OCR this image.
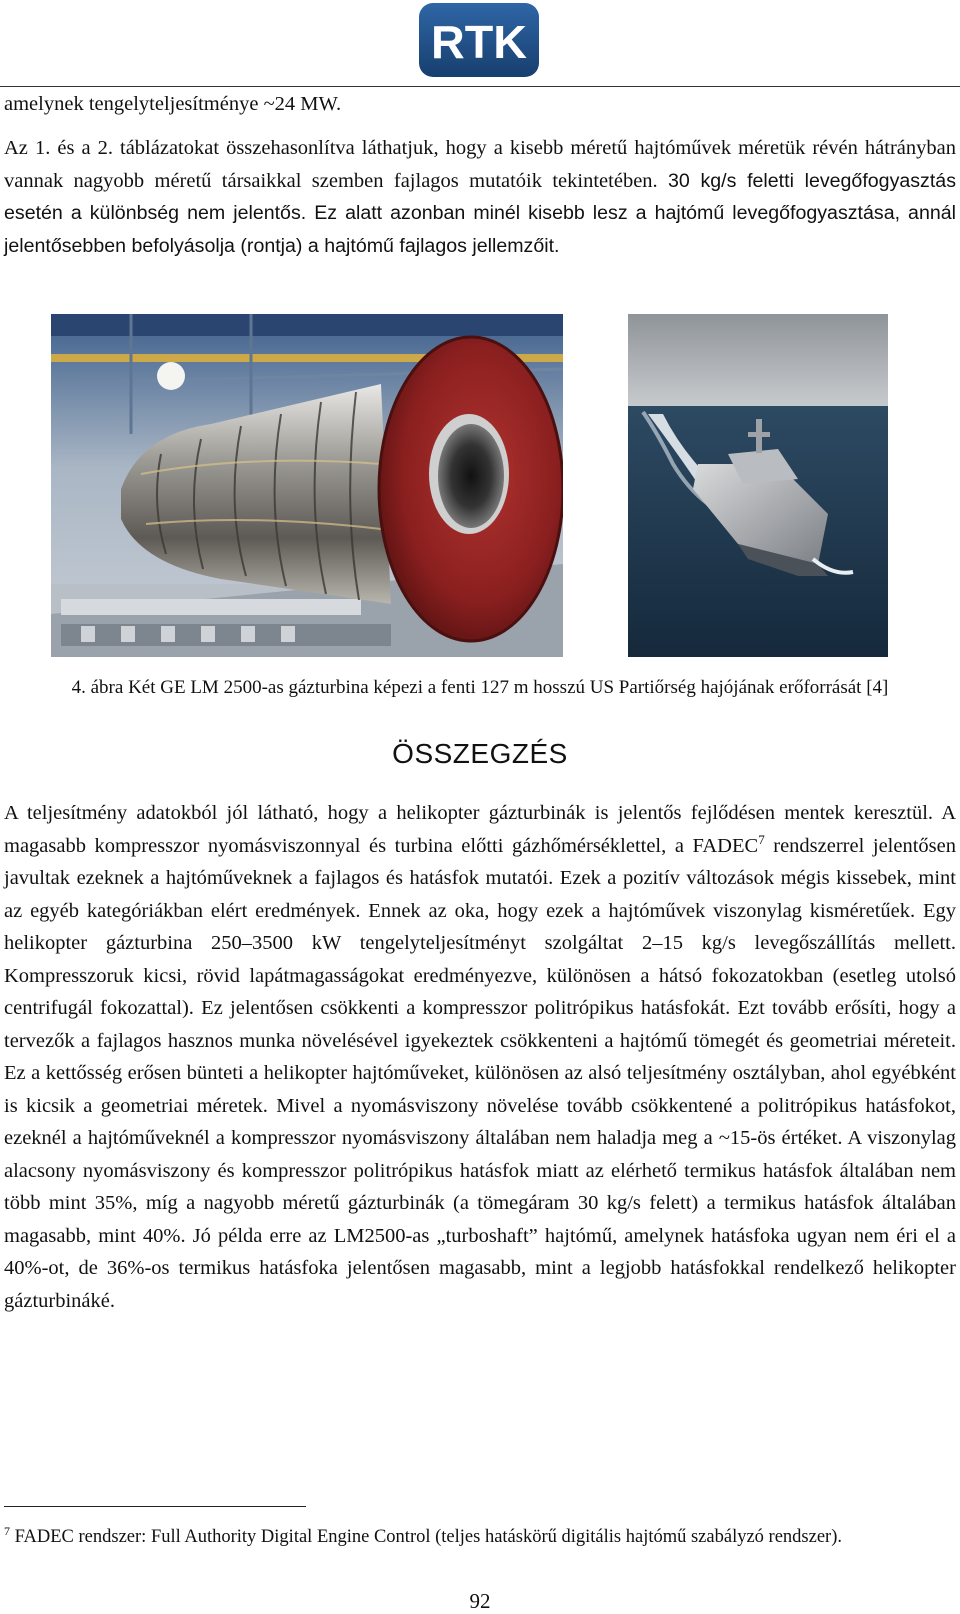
RTK

amelynek tengelyteljesítménye ~24 MW.

Az 1. és a 2. táblázatokat összehasonlítva láthatjuk, hogy a kisebb méretű hajtóművek méretük révén hátrányban vannak nagyobb méretű társaikkal szemben fajlagos mutatóik tekintetében. 30 kg/s feletti levegőfogyasztás esetén a különbség nem jelentős. Ez alatt azonban minél kisebb lesz a hajtómű levegőfogyasztása, annál jelentősebben befolyásolja (rontja) a hajtómű fajlagos jellemzőit.

4. ábra Két GE LM 2500-as gázturbina képezi a fenti 127 m hosszú US Partiőrség hajójának erőforrását [4]
ÖSSZEGZÉS

A teljesítmény adatokból jól látható, hogy a helikopter gázturbinák is jelentős fejlődésen mentek keresztül. A magasabb kompresszor nyomásviszonnyal és turbina előtti gázhőmérséklettel, a FADEC$^7$ rendszerrel jelentősen javultak ezeknek a hajtóműveknek a fajlagos és hatásfok mutatói. Ezek a pozitív változások mégis kissebek, mint az egyéb kategóriákban elért eredmények. Ennek az oka, hogy ezek a hajtóművek viszonylag kisméretűek. Egy helikopter gázturbina 250–3500 kW tengelyteljesítményt szolgáltat 2–15 kg/s levegőszállítás mellett. Kompresszoruk kicsi, rövid lapátmagasságokat eredményezve, különösen a hátsó fokozatokban (esetleg utolsó centrifugál fokozattal). Ez jelentősen csökkenti a kompresszor politrópikus hatásfokát. Ezt tovább erősíti, hogy a tervezők a fajlagos hasznos munka növelésével igyekeztek csökkenteni a hajtómű tömegét és geometriai méreteit. Ez a kettősség erősen bünteti a helikopter hajtóműveket, különösen az alsó teljesítmény osztályban, ahol egyébként is kicsik a geometriai méretek. Mivel a nyomásviszony növelése tovább csökkentené a politrópikus hatásfokot, ezeknél a hajtóműveknél a kompresszor nyomásviszony általában nem haladja meg a ~15-ös értéket. A viszonylag alacsony nyomásviszony és kompresszor politrópikus hatásfok miatt az elérhető termikus hatásfok általában nem több mint 35%, míg a nagyobb méretű gázturbinák (a tömegáram 30 kg/s felett) a termikus hatásfok általában magasabb, mint 40%. Jó példa erre az LM2500-as „turboshaft” hajtómű, amelynek hatásfoka ugyan nem éri el a 40%-ot, de 36%-os termikus hatásfoka jelentősen magasabb, mint a legjobb hatásfokkal rendelkező helikopter gázturbináké.

$^7$ FADEC rendszer: Full Authority Digital Engine Control (teljes hatáskörű digitális hajtómű szabályzó rendszer).
92
